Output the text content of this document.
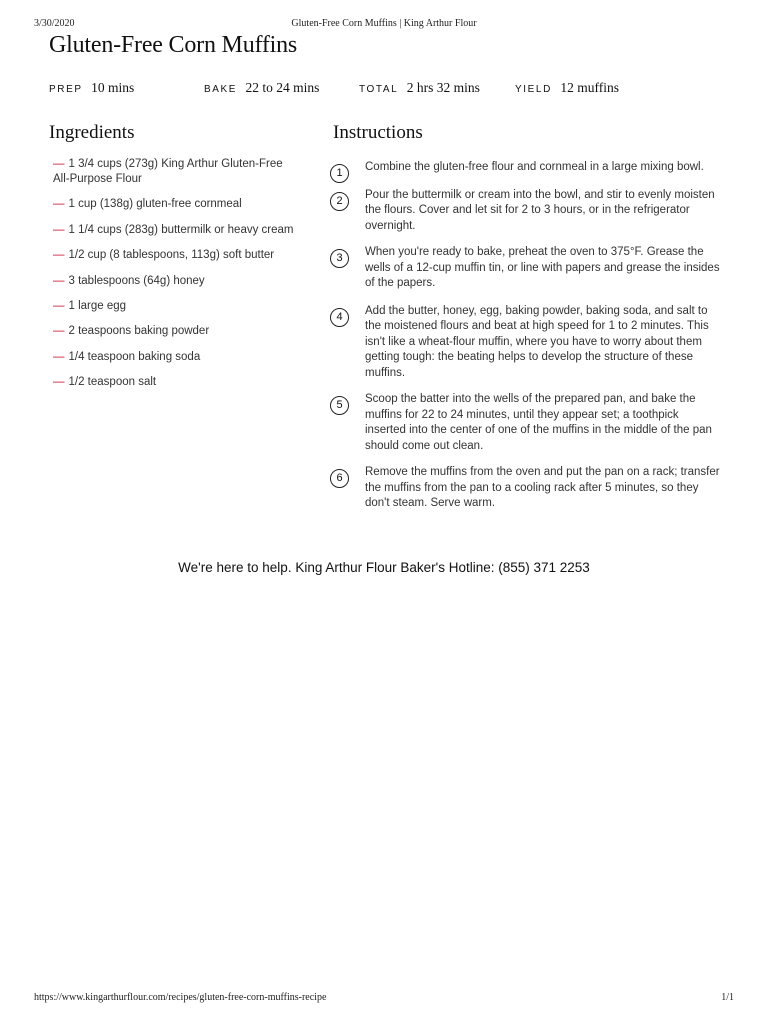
3/30/2020	Gluten-Free Corn Muffins | King Arthur Flour
Gluten-Free Corn Muffins
PREP 10 mins	BAKE 22 to 24 mins	TOTAL 2 hrs 32 mins	YIELD 12 muffins
Ingredients	Instructions
— 1 3/4 cups (273g) King Arthur Gluten-Free All-Purpose Flour
— 1 cup (138g) gluten-free cornmeal
— 1 1/4 cups (283g) buttermilk or heavy cream
— 1/2 cup (8 tablespoons, 113g) soft butter
— 3 tablespoons (64g) honey
— 1 large egg
— 2 teaspoons baking powder
— 1/4 teaspoon baking soda
— 1/2 teaspoon salt
1	Combine the gluten-free flour and cornmeal in a large mixing bowl.
2	Pour the buttermilk or cream into the bowl, and stir to evenly moisten the flours. Cover and let sit for 2 to 3 hours, or in the refrigerator overnight.
3	When you're ready to bake, preheat the oven to 375°F. Grease the wells of a 12-cup muffin tin, or line with papers and grease the insides of the papers.
4	Add the butter, honey, egg, baking powder, baking soda, and salt to the moistened flours and beat at high speed for 1 to 2 minutes. This isn't like a wheat-flour muffin, where you have to worry about them getting tough: the beating helps to develop the structure of these muffins.
5	Scoop the batter into the wells of the prepared pan, and bake the muffins for 22 to 24 minutes, until they appear set; a toothpick inserted into the center of one of the muffins in the middle of the pan should come out clean.
6	Remove the muffins from the oven and put the pan on a rack; transfer the muffins from the pan to a cooling rack after 5 minutes, so they don't steam. Serve warm.

We're here to help. King Arthur Flour Baker's Hotline: (855) 371 2253

https://www.kingarthurflour.com/recipes/gluten-free-corn-muffins-recipe	1/1
